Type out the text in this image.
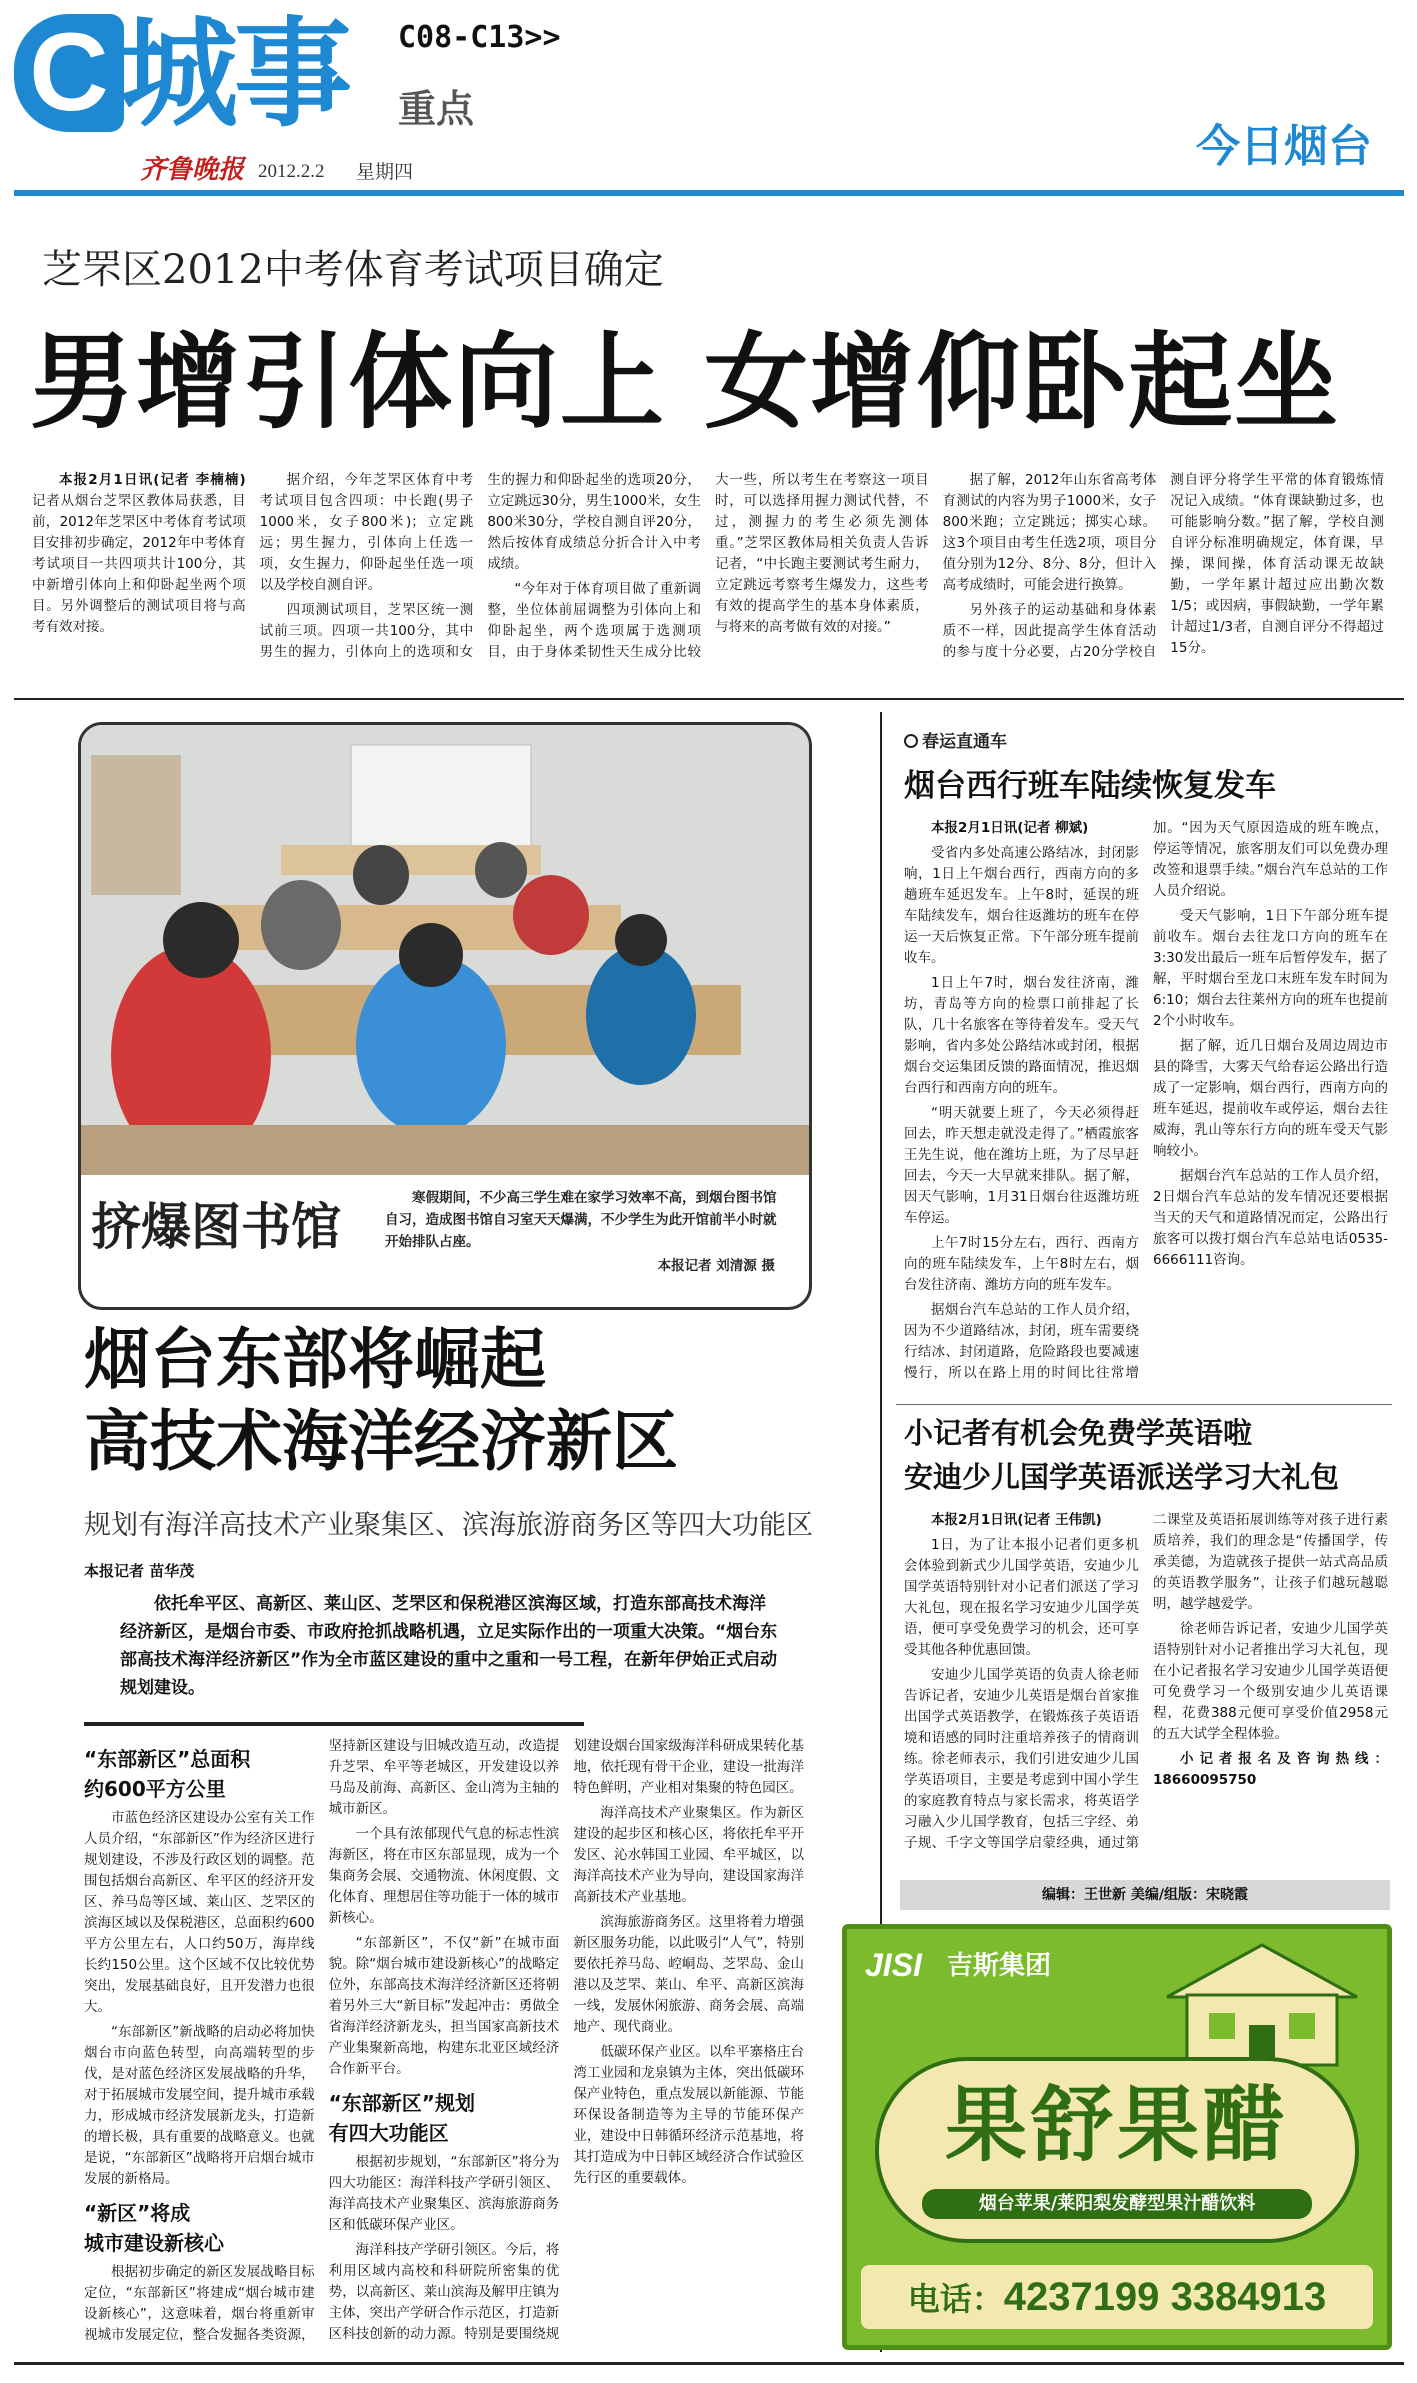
C 城事 C08-C13>>
重点
齐鲁晚报 2012.2.2 星期四	今日烟台
芝罘区2012中考体育考试项目确定
男增引体向上 女增仰卧起坐

本报2月1日讯(记者 李楠楠) 记者从烟台芝罘区教体局获悉，目前，2012年芝罘区中考体育考试项目安排初步确定，2012年中考体育考试项目一共四项共计100分，其中新增引体向上和仰卧起坐两个项目。另外调整后的测试项目将与高考有效对接。

据介绍，今年芝罘区体育中考考试项目包含四项：中长跑(男子1000米，女子800米)；立定跳远；男生握力，引体向上任选一项，女生握力，仰卧起坐任选一项以及学校自测自评。

四项测试项目，芝罘区统一测试前三项。四项一共100分，其中男生的握力，引体向上的选项和女生的握力和仰卧起坐的选项20分，立定跳远30分，男生1000米，女生800米30分，学校自测自评20分，然后按体育成绩总分折合计入中考成绩。

“今年对于体育项目做了重新调整，坐位体前屈调整为引体向上和仰卧起坐，两个选项属于选测项目，由于身体柔韧性天生成分比较大一些，所以考生在考察这一项目时，可以选择用握力测试代替，不过，测握力的考生必须先测体重。”芝罘区教体局相关负责人告诉记者，“中长跑主要测试考生耐力，立定跳远考察考生爆发力，这些考有效的提高学生的基本身体素质，与将来的高考做有效的对接。”

据了解，2012年山东省高考体育测试的内容为男子1000米，女子800米跑；立定跳远；掷实心球。这3个项目由考生任选2项，项目分值分别为12分、8分、8分，但计入高考成绩时，可能会进行换算。

另外孩子的运动基础和身体素质不一样，因此提高学生体育活动的参与度十分必要，占20分学校自测自评分将学生平常的体育锻炼情况记入成绩。“体育课缺勤过多，也可能影响分数。”据了解，学校自测自评分标准明确规定，体育课，早操，课间操，体育活动课无故缺勤，一学年累计超过应出勤次数1/5；或因病，事假缺勤，一学年累计超过1/3者，自测自评分不得超过15分。

挤爆图书馆	寒假期间，不少高三学生难在家学习效率不高，到烟台图书馆自习，造成图书馆自习室天天爆满，不少学生为此开馆前半小时就开始排队占座。
本报记者 刘清源 摄
烟台东部将崛起
高技术海洋经济新区
规划有海洋高技术产业聚集区、滨海旅游商务区等四大功能区
本报记者 苗华茂
依托牟平区、高新区、莱山区、芝罘区和保税港区滨海区域，打造东部高技术海洋经济新区，是烟台市委、市政府抢抓战略机遇，立足实际作出的一项重大决策。“烟台东部高技术海洋经济新区”作为全市蓝区建设的重中之重和一号工程，在新年伊始正式启动规划建设。
“东部新区”总面积
约600平方公里

市蓝色经济区建设办公室有关工作人员介绍，“东部新区”作为经济区进行规划建设，不涉及行政区划的调整。范围包括烟台高新区、牟平区的经济开发区、养马岛等区域、莱山区、芝罘区的滨海区域以及保税港区，总面积约600平方公里左右，人口约50万，海岸线长约150公里。这个区域不仅比较优势突出，发展基础良好，且开发潜力也很大。

“东部新区”新战略的启动必将加快烟台市向蓝色转型，向高端转型的步伐，是对蓝色经济区发展战略的升华，对于拓展城市发展空间，提升城市承载力，形成城市经济发展新龙头，打造新的增长极，具有重要的战略意义。也就是说，“东部新区”战略将开启烟台城市发展的新格局。

“新区”将成
城市建设新核心

根据初步确定的新区发展战略目标定位，“东部新区”将建成“烟台城市建设新核心”，这意味着，烟台将重新审视城市发展定位，整合发掘各类资源，坚持新区建设与旧城改造互动，改造提升芝罘、牟平等老城区，开发建设以养马岛及前海、高新区、金山湾为主轴的城市新区。

一个具有浓郁现代气息的标志性滨海新区，将在市区东部显现，成为一个集商务会展、交通物流、休闲度假、文化体育、理想居住等功能于一体的城市新核心。

“东部新区”，不仅“新”在城市面貌。除“烟台城市建设新核心”的战略定位外，东部高技术海洋经济新区还将朝着另外三大“新目标”发起冲击：勇做全省海洋经济新龙头，担当国家高新技术产业集聚新高地，构建东北亚区域经济合作新平台。

“东部新区”规划
有四大功能区

根据初步规划，“东部新区”将分为四大功能区：海洋科技产学研引领区、海洋高技术产业聚集区、滨海旅游商务区和低碳环保产业区。

海洋科技产学研引领区。今后，将利用区域内高校和科研院所密集的优势，以高新区、莱山滨海及解甲庄镇为主体，突出产学研合作示范区，打造新区科技创新的动力源。特别是要围绕规划建设烟台国家级海洋科研成果转化基地，依托现有骨干企业，建设一批海洋特色鲜明，产业相对集聚的特色园区。

海洋高技术产业聚集区。作为新区建设的起步区和核心区，将依托牟平开发区、沁水韩国工业园、牟平城区，以海洋高技术产业为导向，建设国家海洋高新技术产业基地。

滨海旅游商务区。这里将着力增强新区服务功能，以此吸引“人气”，特别要依托养马岛、崆峒岛、芝罘岛、金山港以及芝罘、莱山、牟平、高新区滨海一线，发展休闲旅游、商务会展、高端地产、现代商业。

低碳环保产业区。以牟平寨格庄台湾工业园和龙泉镇为主体，突出低碳环保产业特色，重点发展以新能源、节能环保设备制造等为主导的节能环保产业，建设中日韩循环经济示范基地，将其打造成为中日韩区域经济合作试验区先行区的重要载体。

春运直通车
烟台西行班车陆续恢复发车

本报2月1日讯(记者 柳斌)

受省内多处高速公路结冰，封闭影响，1日上午烟台西行，西南方向的多趟班车延迟发车。上午8时，延误的班车陆续发车，烟台往返潍坊的班车在停运一天后恢复正常。下午部分班车提前收车。

1日上午7时，烟台发往济南，潍坊，青岛等方向的检票口前排起了长队，几十名旅客在等待着发车。受天气影响，省内多处公路结冰或封闭，根据烟台交运集团反馈的路面情况，推迟烟台西行和西南方向的班车。

“明天就要上班了，今天必须得赶回去，昨天想走就没走得了。”栖霞旅客王先生说，他在潍坊上班，为了尽早赶回去，今天一大早就来排队。据了解，因天气影响，1月31日烟台往返潍坊班车停运。

上午7时15分左右，西行、西南方向的班车陆续发车，上午8时左右，烟台发往济南、潍坊方向的班车发车。

据烟台汽车总站的工作人员介绍，因为不少道路结冰，封闭，班车需要绕行结冰、封闭道路，危险路段也要减速慢行，所以在路上用的时间比往常增加。“因为天气原因造成的班车晚点，停运等情况，旅客朋友们可以免费办理改签和退票手续。”烟台汽车总站的工作人员介绍说。

受天气影响，1日下午部分班车提前收车。烟台去往龙口方向的班车在3:30发出最后一班车后暂停发车，据了解，平时烟台至龙口末班车发车时间为6:10；烟台去往莱州方向的班车也提前2个小时收车。

据了解，近几日烟台及周边周边市县的降雪，大雾天气给春运公路出行造成了一定影响，烟台西行，西南方向的班车延迟，提前收车或停运，烟台去往威海，乳山等东行方向的班车受天气影响较小。

据烟台汽车总站的工作人员介绍，2日烟台汽车总站的发车情况还要根据当天的天气和道路情况而定，公路出行旅客可以拨打烟台汽车总站电话0535-6666111咨询。

小记者有机会免费学英语啦
安迪少儿国学英语派送学习大礼包

本报2月1日讯(记者 王伟凯)

1日，为了让本报小记者们更多机会体验到新式少儿国学英语，安迪少儿国学英语特别针对小记者们派送了学习大礼包，现在报名学习安迪少儿国学英语，便可享受免费学习的机会，还可享受其他各种优惠回馈。

安迪少儿国学英语的负责人徐老师告诉记者，安迪少儿英语是烟台首家推出国学式英语教学，在锻炼孩子英语语境和语感的同时注重培养孩子的情商训练。徐老师表示，我们引进安迪少儿国学英语项目，主要是考虑到中国小学生的家庭教育特点与家长需求，将英语学习融入少儿国学教育，包括三字经、弟子规、千字文等国学启蒙经典，通过第二课堂及英语拓展训练等对孩子进行素质培养，我们的理念是“传播国学，传承美德，为造就孩子提供一站式高品质的英语教学服务”，让孩子们越玩越聪明，越学越爱学。

徐老师告诉记者，安迪少儿国学英语特别针对小记者推出学习大礼包，现在小记者报名学习安迪少儿国学英语便可免费学习一个级别安迪少儿英语课程，花费388元便可享受价值2958元的五大试学全程体验。

小记者报名及咨询热线：18660095750

编辑：王世新 美编/组版：宋晓霞
JISI 吉斯集团
果舒果醋
烟台苹果/莱阳梨发酵型果汁醋饮料
电话：4237199 3384913
